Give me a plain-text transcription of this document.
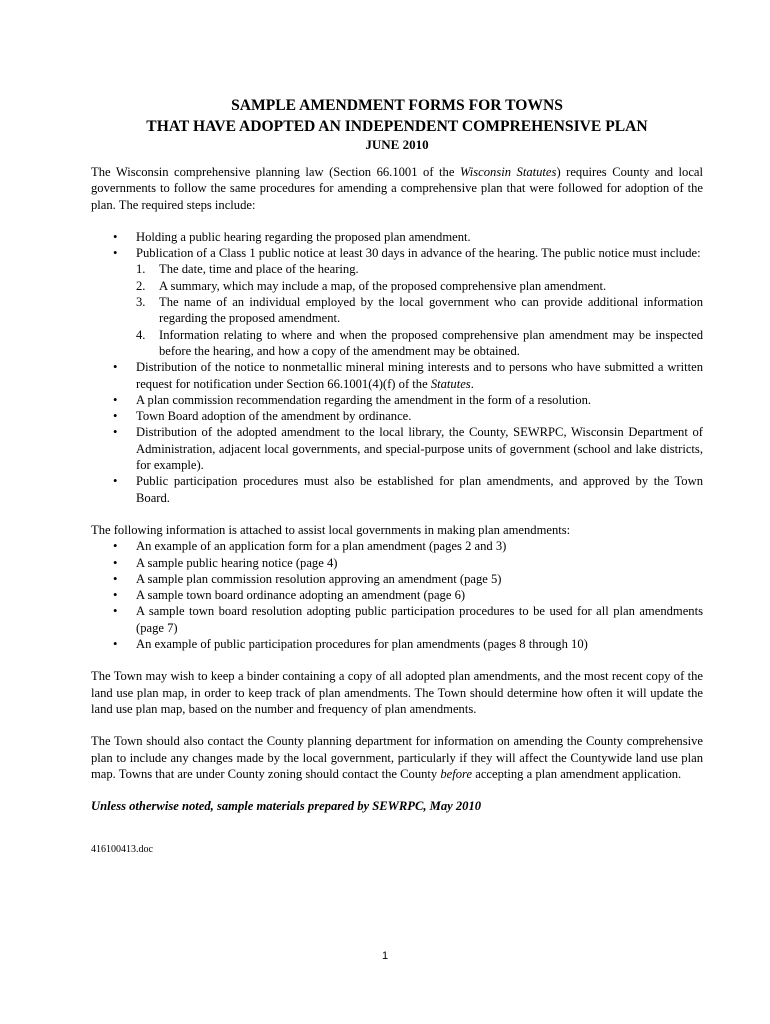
SAMPLE AMENDMENT FORMS FOR TOWNS
THAT HAVE ADOPTED AN INDEPENDENT COMPREHENSIVE PLAN
JUNE 2010

The Wisconsin comprehensive planning law (Section 66.1001 of the Wisconsin Statutes) requires County and local governments to follow the same procedures for amending a comprehensive plan that were followed for adoption of the plan. The required steps include:

• Holding a public hearing regarding the proposed plan amendment.
• Publication of a Class 1 public notice at least 30 days in advance of the hearing. The public notice must include:
1. The date, time and place of the hearing.
2. A summary, which may include a map, of the proposed comprehensive plan amendment.
3. The name of an individual employed by the local government who can provide additional information regarding the proposed amendment.
4. Information relating to where and when the proposed comprehensive plan amendment may be inspected before the hearing, and how a copy of the amendment may be obtained.
• Distribution of the notice to nonmetallic mineral mining interests and to persons who have submitted a written request for notification under Section 66.1001(4)(f) of the Statutes.
• A plan commission recommendation regarding the amendment in the form of a resolution.
• Town Board adoption of the amendment by ordinance.
• Distribution of the adopted amendment to the local library, the County, SEWRPC, Wisconsin Department of Administration, adjacent local governments, and special-purpose units of government (school and lake districts, for example).
• Public participation procedures must also be established for plan amendments, and approved by the Town Board.

The following information is attached to assist local governments in making plan amendments:

• An example of an application form for a plan amendment (pages 2 and 3)
• A sample public hearing notice (page 4)
• A sample plan commission resolution approving an amendment (page 5)
• A sample town board ordinance adopting an amendment (page 6)
• A sample town board resolution adopting public participation procedures to be used for all plan amendments (page 7)
• An example of public participation procedures for plan amendments (pages 8 through 10)

The Town may wish to keep a binder containing a copy of all adopted plan amendments, and the most recent copy of the land use plan map, in order to keep track of plan amendments. The Town should determine how often it will update the land use plan map, based on the number and frequency of plan amendments.

The Town should also contact the County planning department for information on amending the County comprehensive plan to include any changes made by the local government, particularly if they will affect the Countywide land use plan map. Towns that are under County zoning should contact the County before accepting a plan amendment application.

Unless otherwise noted, sample materials prepared by SEWRPC, May 2010

416100413.doc
1
